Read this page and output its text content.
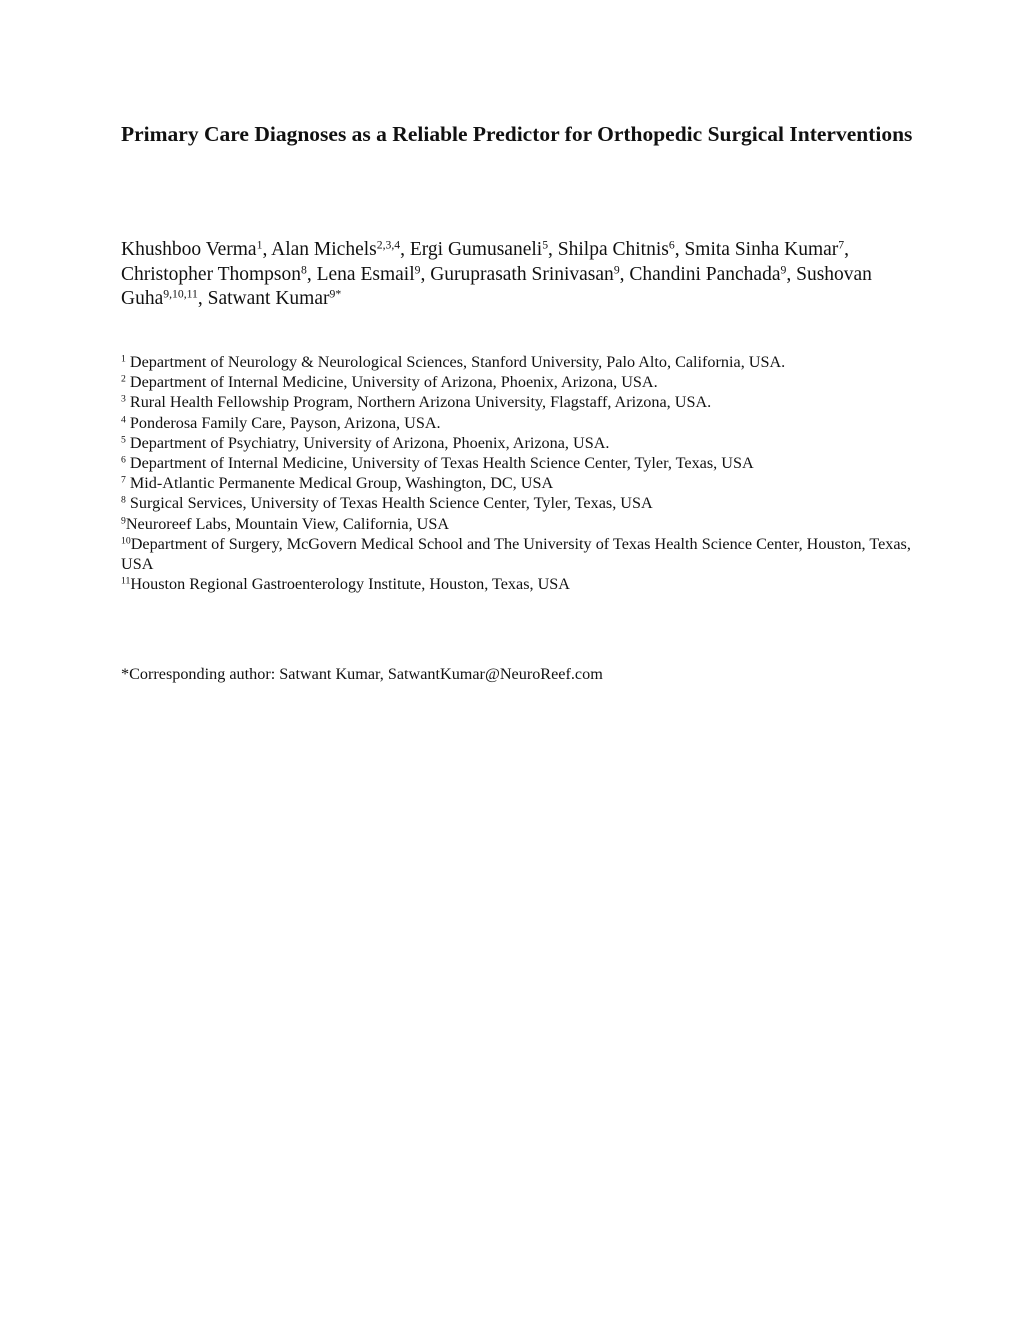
Primary Care Diagnoses as a Reliable Predictor for Orthopedic Surgical Interventions

Khushboo Verma$^1$, Alan Michels$^{2,3,4}$, Ergi Gumusaneli$^5$, Shilpa Chitnis$^6$, Smita Sinha Kumar$^7$, Christopher Thompson$^8$, Lena Esmail$^9$, Guruprasath Srinivasan$^9$, Chandini Panchada$^9$, Sushovan Guha$^{9,10,11}$, Satwant Kumar$^{9*}$

$^1$ Department of Neurology & Neurological Sciences, Stanford University, Palo Alto, California, USA.
$^2$ Department of Internal Medicine, University of Arizona, Phoenix, Arizona, USA.
$^3$ Rural Health Fellowship Program, Northern Arizona University, Flagstaff, Arizona, USA.
$^4$ Ponderosa Family Care, Payson, Arizona, USA.
$^5$ Department of Psychiatry, University of Arizona, Phoenix, Arizona, USA.
$^6$ Department of Internal Medicine, University of Texas Health Science Center, Tyler, Texas, USA
$^7$ Mid-Atlantic Permanente Medical Group, Washington, DC, USA
$^8$ Surgical Services, University of Texas Health Science Center, Tyler, Texas, USA
$^9$Neuroreef Labs, Mountain View, California, USA
$^{10}$Department of Surgery, McGovern Medical School and The University of Texas Health Science Center, Houston, Texas, USA
$^{11}$Houston Regional Gastroenterology Institute, Houston, Texas, USA

*Corresponding author: Satwant Kumar, SatwantKumar@NeuroReef.com
